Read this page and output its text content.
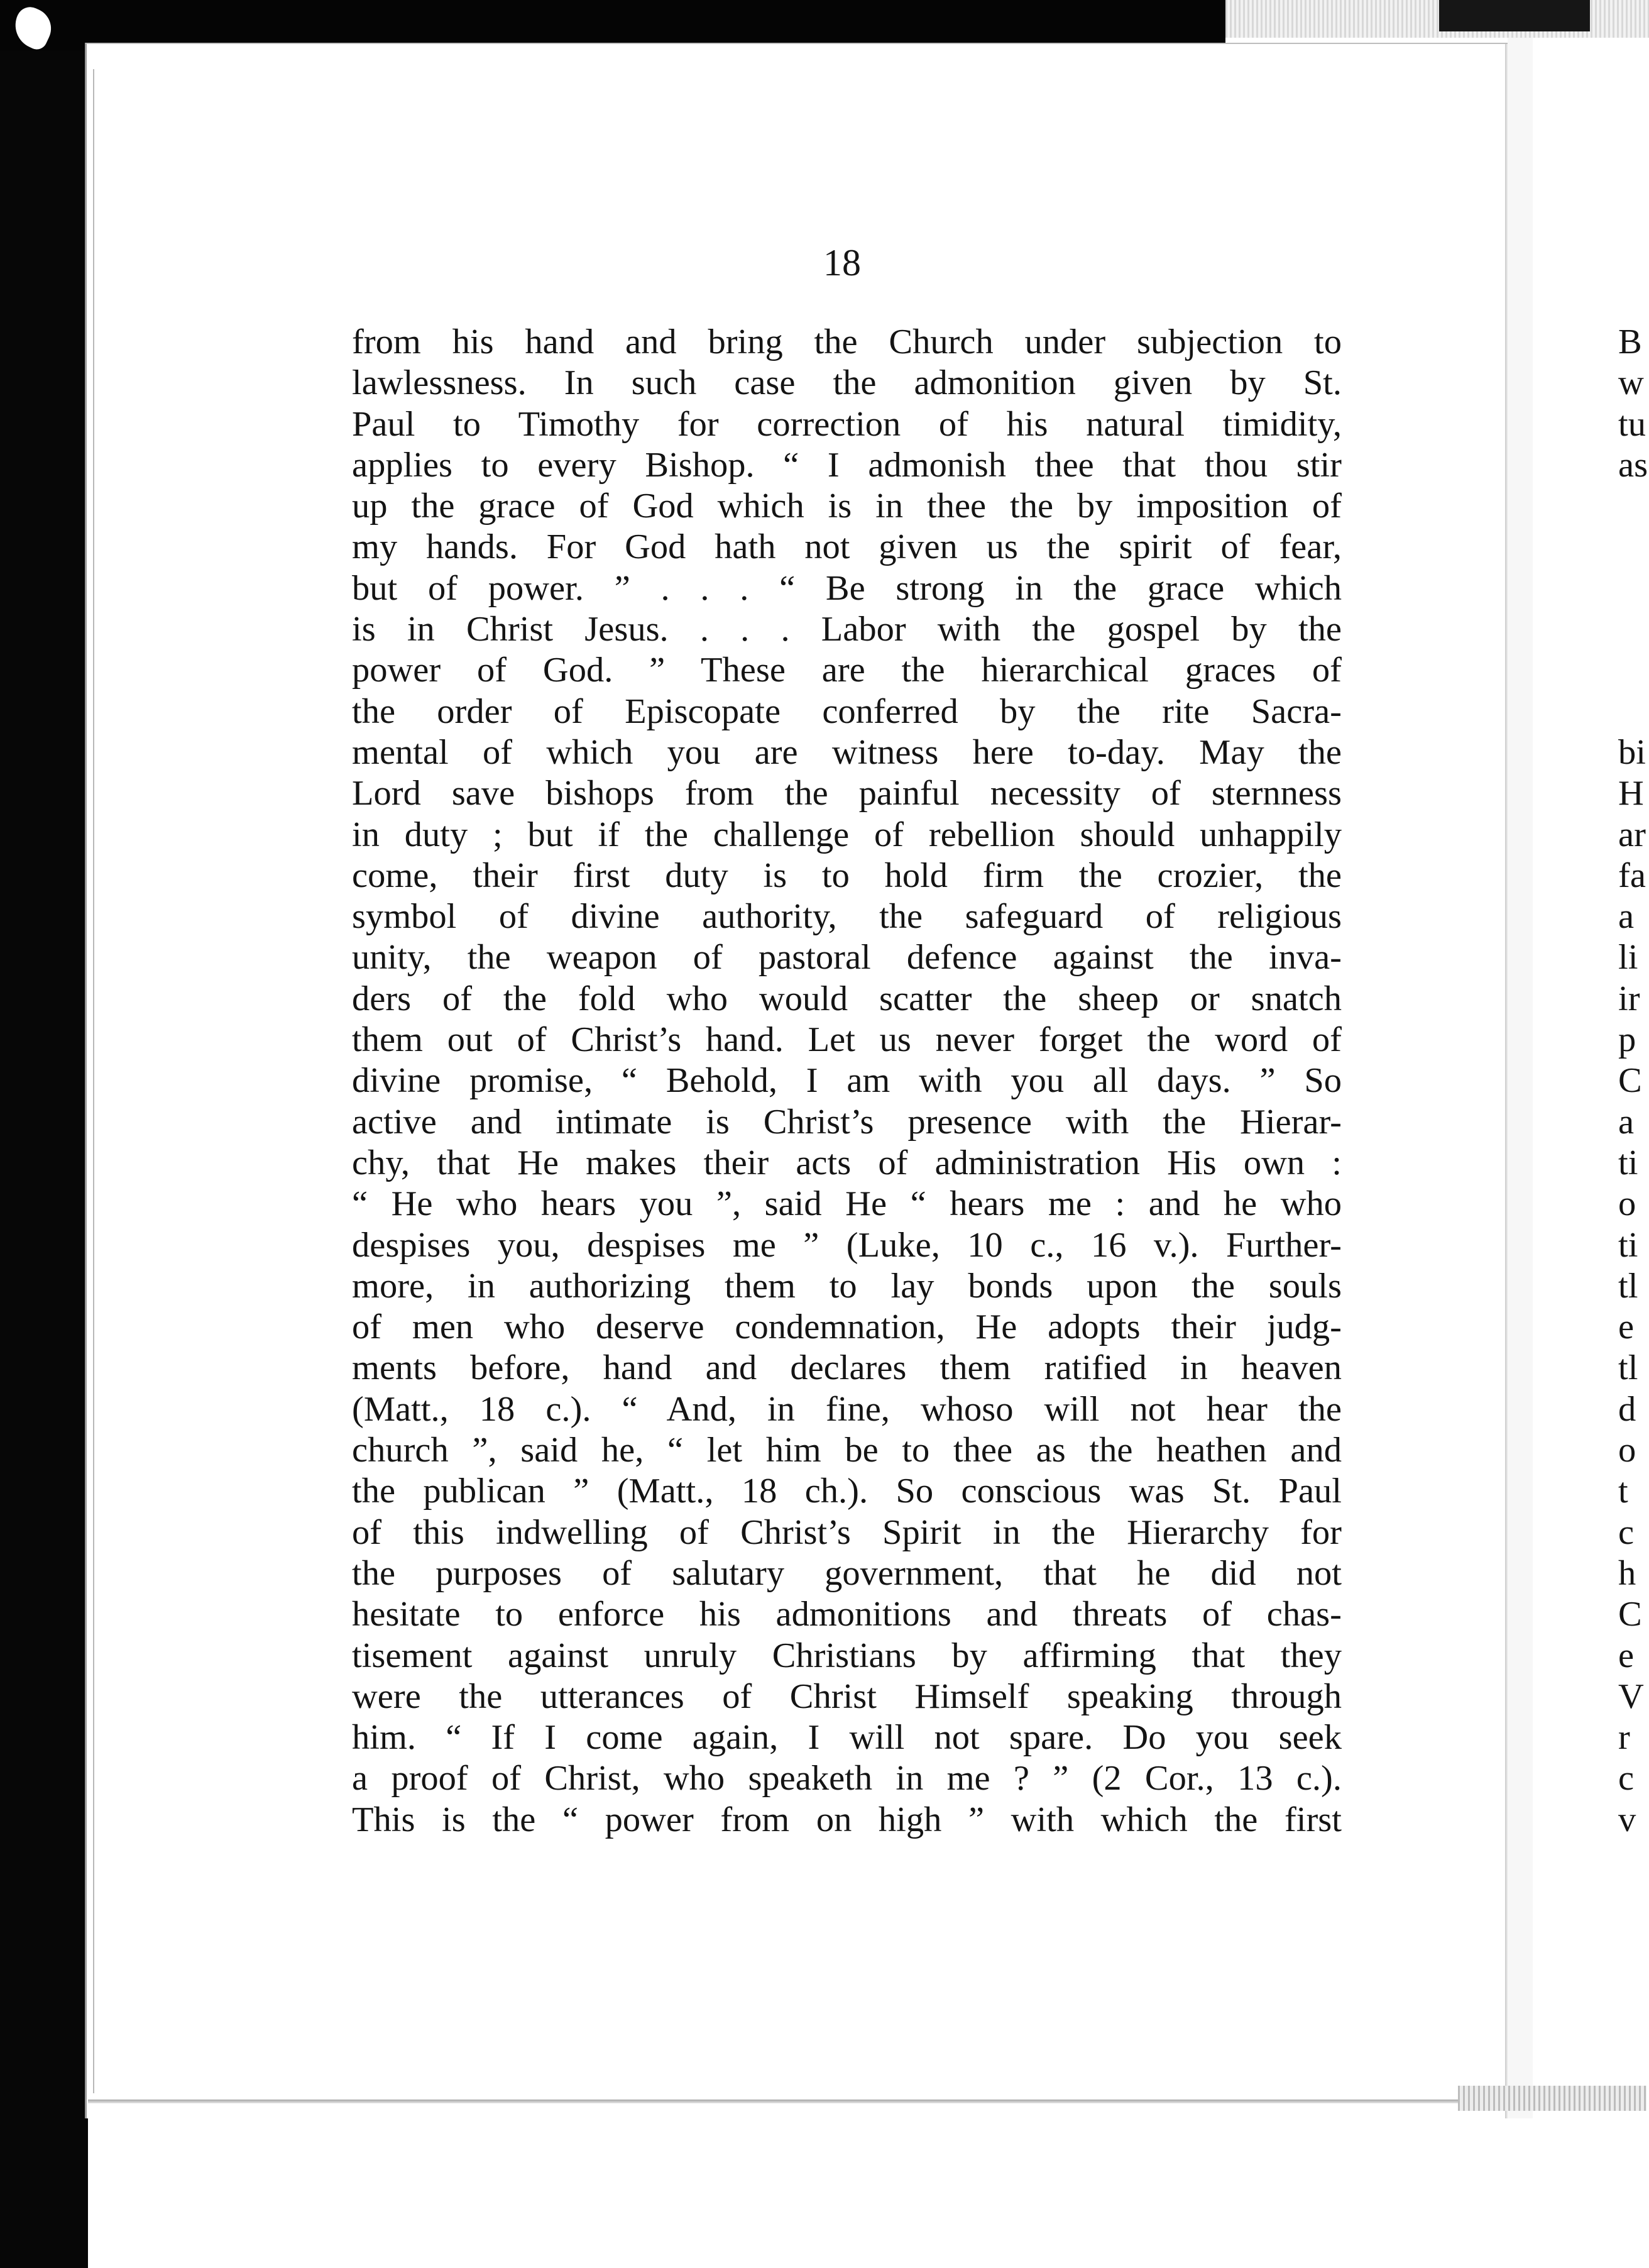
18
from his hand and bring the Church under subjection to
lawlessness. In such case the admonition given by St.
Paul to Timothy for correction of his natural timidity,
applies to every Bishop. “ I admonish thee that thou stir
up the grace of God which is in thee the by imposition of
my hands. For God hath not given us the spirit of fear,
but of power. ” . . . “ Be strong in the grace which
is in Christ Jesus. . . . Labor with the gospel by the
power of God. ” These are the hierarchical graces of
the order of Episcopate conferred by the rite Sacra-
mental of which you are witness here to-day. May the
Lord save bishops from the painful necessity of sternness
in duty ; but if the challenge of rebellion should unhappily
come, their first duty is to hold firm the crozier, the
symbol of divine authority, the safeguard of religious
unity, the weapon of pastoral defence against the inva-
ders of the fold who would scatter the sheep or snatch
them out of Christ’s hand. Let us never forget the word of
divine promise, “ Behold, I am with you all days. ” So
active and intimate is Christ’s presence with the Hierar-
chy, that He makes their acts of administration His own :
“ He who hears you ”, said He “ hears me : and he who
despises you, despises me ” (Luke, 10 c., 16 v.). Further-
more, in authorizing them to lay bonds upon the souls
of men who deserve condemnation, He adopts their judg-
ments before, hand and declares them ratified in heaven
(Matt., 18 c.). “ And, in fine, whoso will not hear the
church ”, said he, “ let him be to thee as the heathen and
the publican ” (Matt., 18 ch.). So conscious was St. Paul
of this indwelling of Christ’s Spirit in the Hierarchy for
the purposes of salutary government, that he did not
hesitate to enforce his admonitions and threats of chas-
tisement against unruly Christians by affirming that they
were the utterances of Christ Himself speaking through
him. “ If I come again, I will not spare. Do you seek
a proof of Christ, who speaketh in me ? ” (2 Cor., 13 c.).
This is the “ power from on high ” with which the first
B
w
tu
as
bi
H
ar
fa
a
li
ir
p
C
a
ti
o
ti
tl
e
tl
d
o
t
c
h
C
e
V
r
c
v
